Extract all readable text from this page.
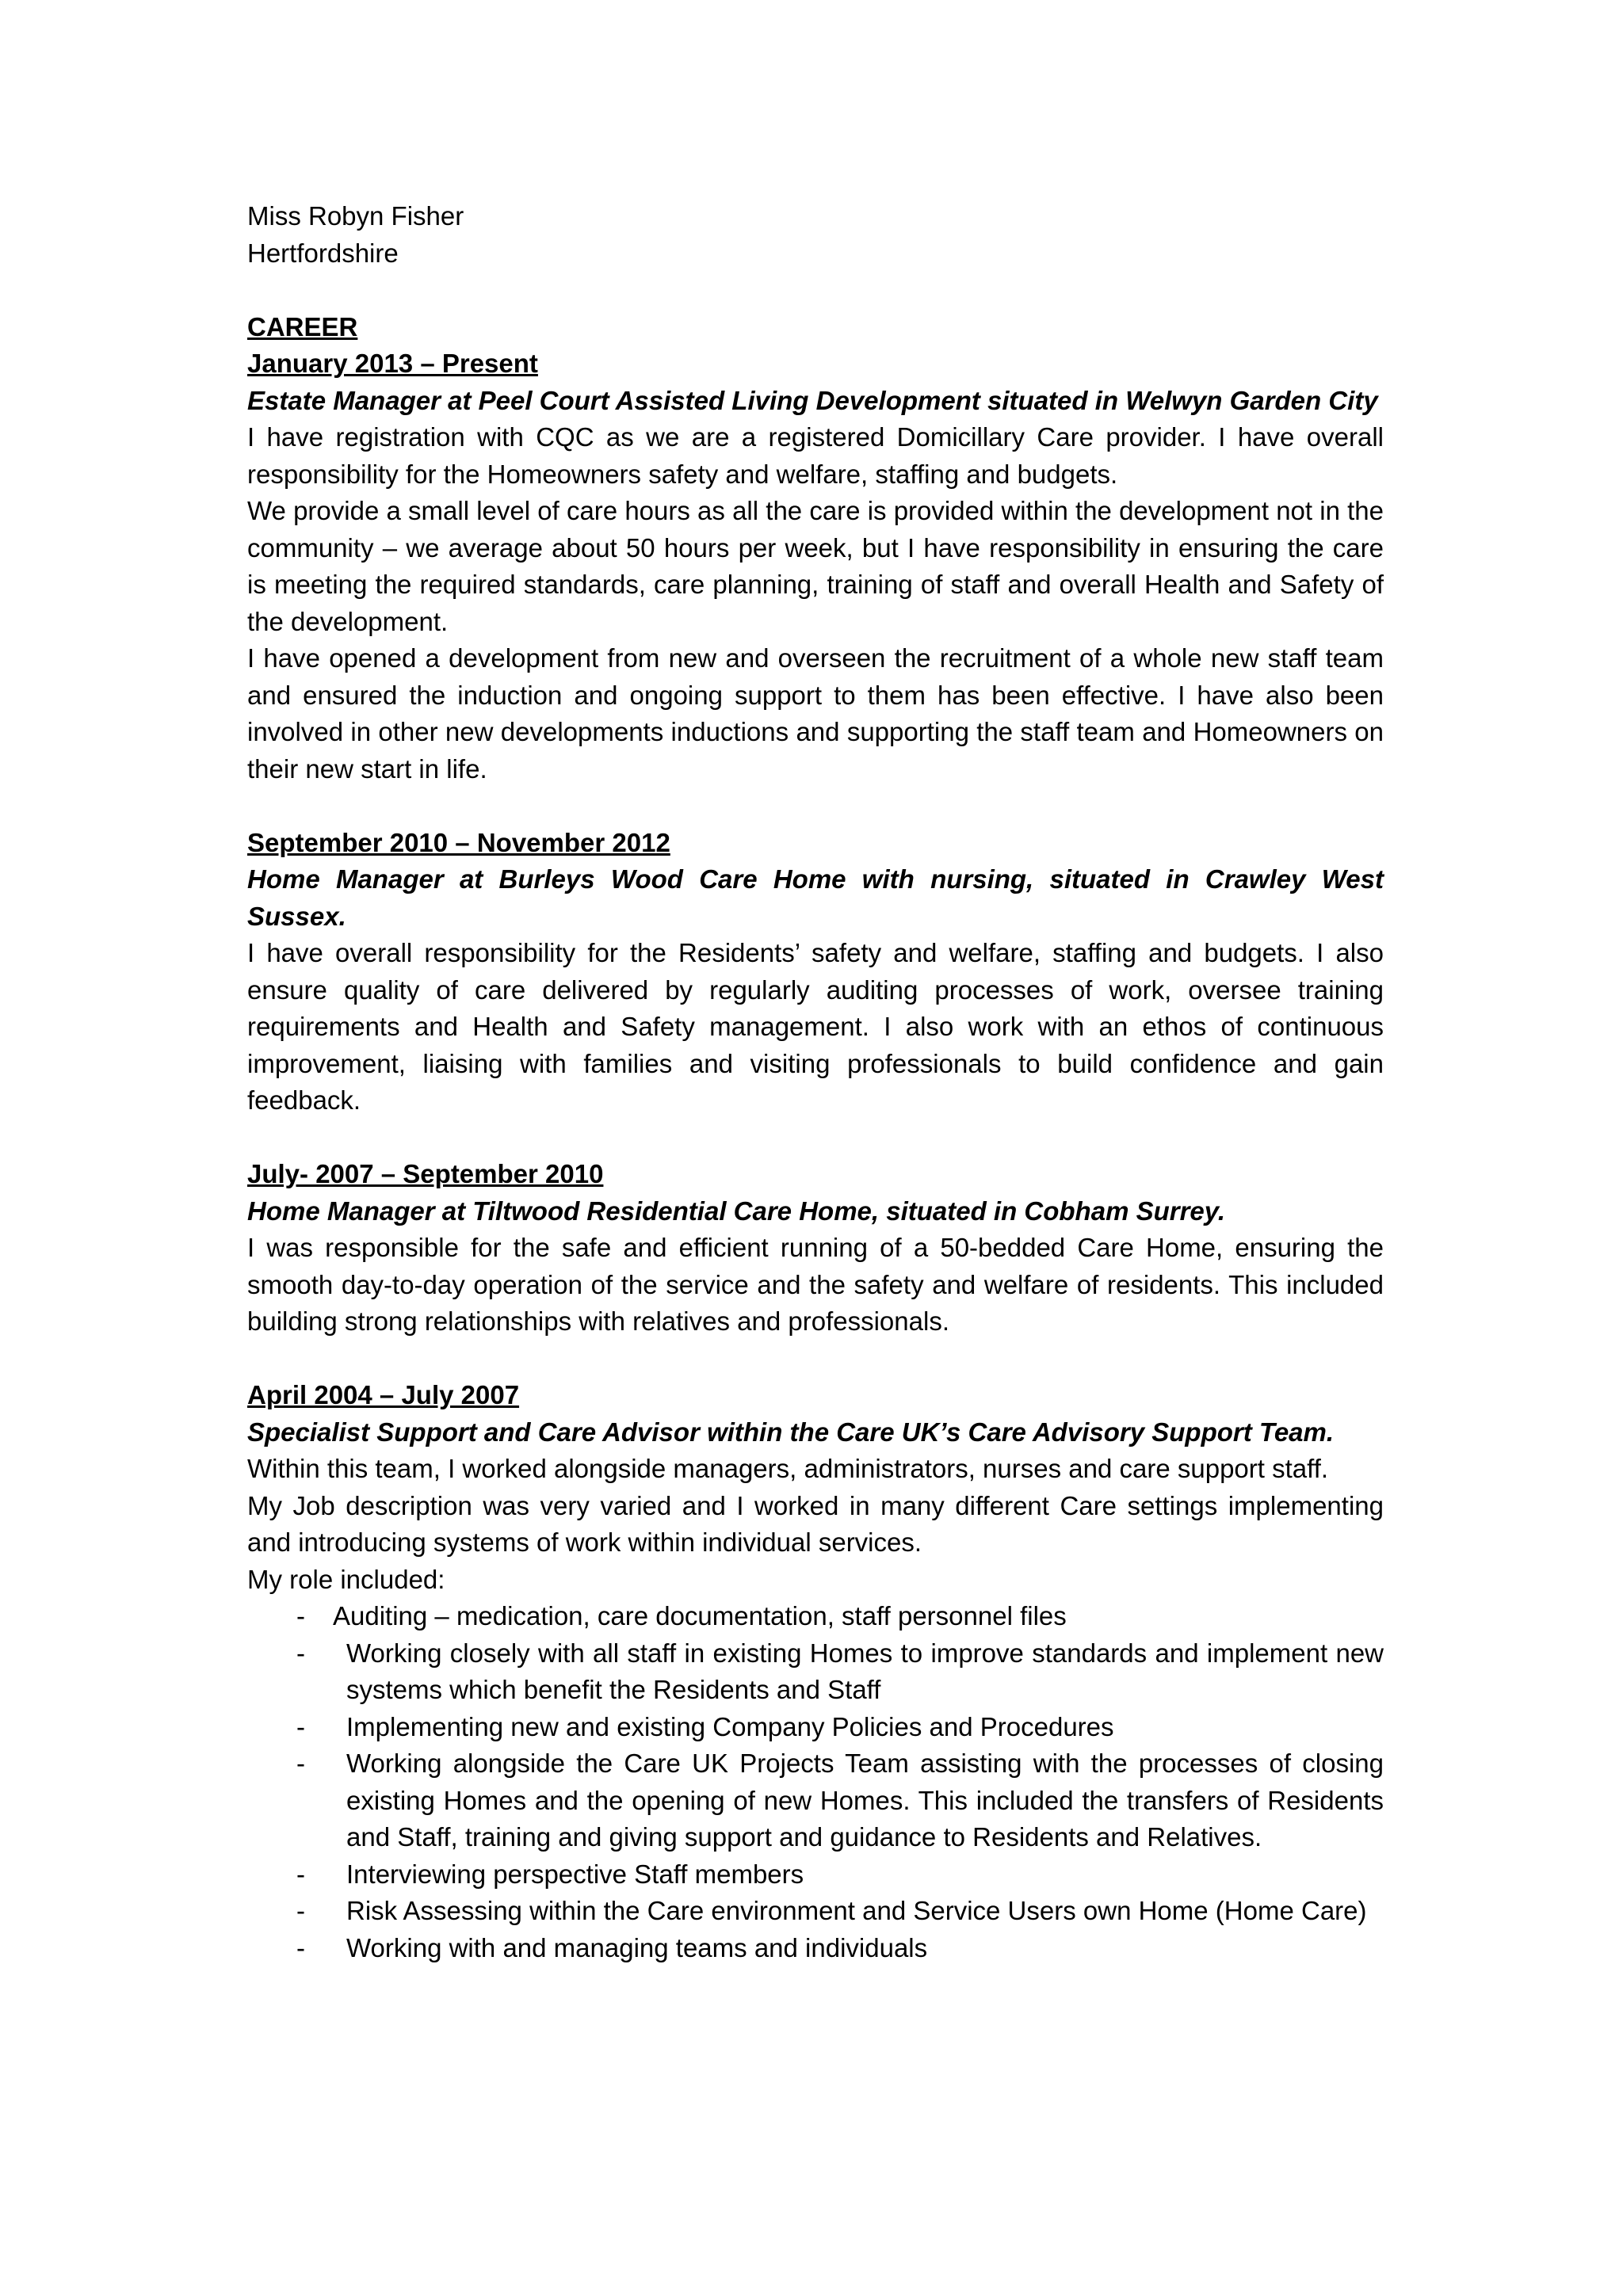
Miss Robyn Fisher

Hertfordshire

CAREER

January 2013 – Present

Estate Manager at Peel Court Assisted Living Development situated in Welwyn Garden City

I have registration with CQC as we are a registered Domicillary Care provider. I have overall responsibility for the Homeowners safety and welfare, staffing and budgets.

We provide a small level of care hours as all the care is provided within the development not in the community – we average about 50 hours per week, but I have responsibility in ensuring the care is meeting the required standards, care planning, training of staff and overall Health and Safety of the development.

I have opened a development from new and overseen the recruitment of a whole new staff team and ensured the induction and ongoing support to them has been effective. I have also been involved in other new developments inductions and supporting the staff team and Homeowners on their new start in life.

September 2010 – November 2012

Home Manager at Burleys Wood Care Home with nursing, situated in Crawley West Sussex.

I have overall responsibility for the Residents’ safety and welfare, staffing and budgets. I also ensure quality of care delivered by regularly auditing processes of work, oversee training requirements and Health and Safety management. I also work with an ethos of continuous improvement, liaising with families and visiting professionals to build confidence and gain feedback.

July- 2007 – September 2010

Home Manager at Tiltwood Residential Care Home, situated in Cobham Surrey.

I was responsible for the safe and efficient running of a 50-bedded Care Home, ensuring the smooth day-to-day operation of the service and the safety and welfare of residents. This included building strong relationships with relatives and professionals.

April 2004 – July 2007

Specialist Support and Care Advisor within the Care UK’s Care Advisory Support Team.

Within this team, I worked alongside managers, administrators, nurses and care support staff.

My Job description was very varied and I worked in many different Care settings implementing and introducing systems of work within individual services.

My role included:

- Auditing – medication, care documentation, staff personnel files
- Working closely with all staff in existing Homes to improve standards and implement new systems which benefit the Residents and Staff
- Implementing new and existing Company Policies and Procedures
- Working alongside the Care UK Projects Team assisting with the processes of closing existing Homes and the opening of new Homes. This included the transfers of Residents and Staff, training and giving support and guidance to Residents and Relatives.
- Interviewing perspective Staff members
- Risk Assessing within the Care environment and Service Users own Home (Home Care)
- Working with and managing teams and individuals
